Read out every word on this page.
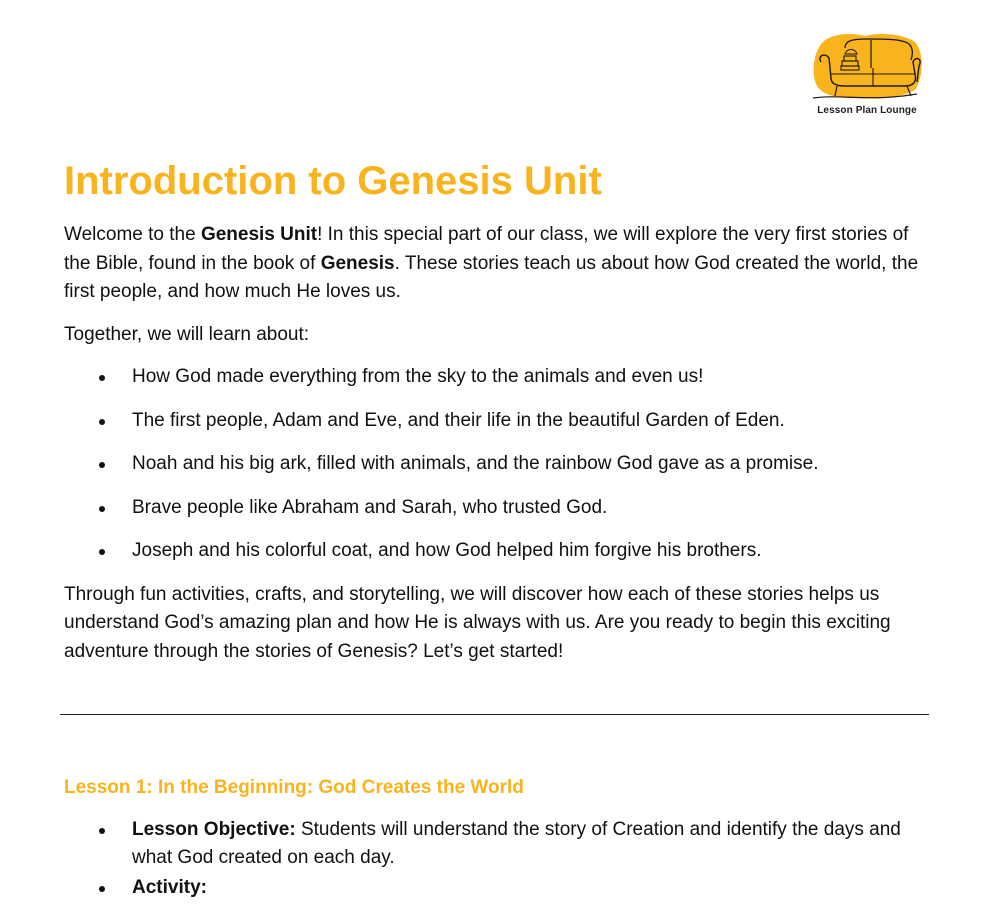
Lesson Plan Lounge
Introduction to Genesis Unit

Welcome to the Genesis Unit! In this special part of our class, we will explore the very first stories of the Bible, found in the book of Genesis. These stories teach us about how God created the world, the first people, and how much He loves us.

Together, we will learn about:

How God made everything from the sky to the animals and even us!
The first people, Adam and Eve, and their life in the beautiful Garden of Eden.
Noah and his big ark, filled with animals, and the rainbow God gave as a promise.
Brave people like Abraham and Sarah, who trusted God.
Joseph and his colorful coat, and how God helped him forgive his brothers.

Through fun activities, crafts, and storytelling, we will discover how each of these stories helps us understand God’s amazing plan and how He is always with us. Are you ready to begin this exciting adventure through the stories of Genesis? Let’s get started!

Lesson 1: In the Beginning: God Creates the World
Lesson Objective: Students will understand the story of Creation and identify the days and what God created on each day.
Activity:
